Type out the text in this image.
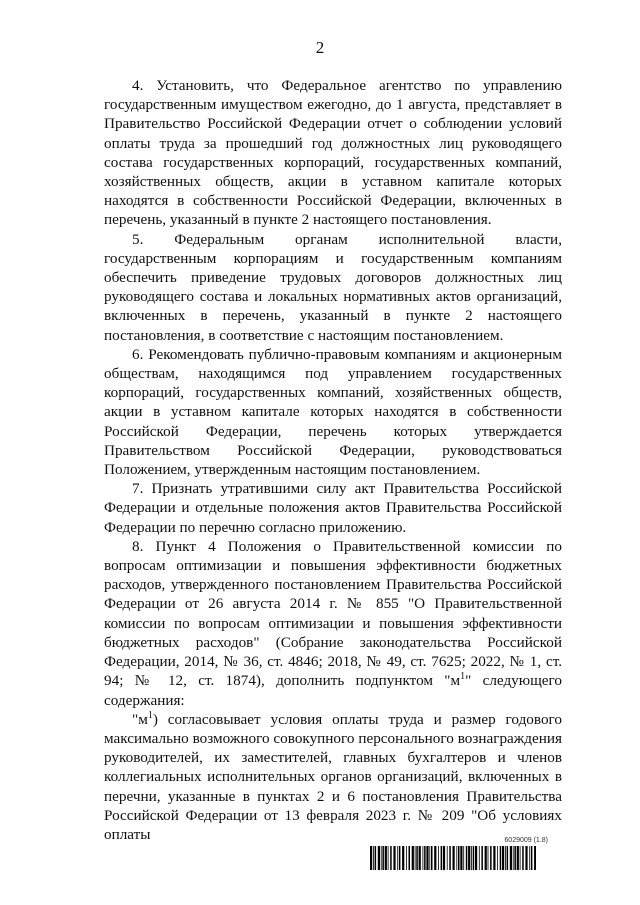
2

4. Установить, что Федеральное агентство по управлению государственным имуществом ежегодно, до 1 августа, представляет в Правительство Российской Федерации отчет о соблюдении условий оплаты труда за прошедший год должностных лиц руководящего состава государственных корпораций, государственных компаний, хозяйственных обществ, акции в уставном капитале которых находятся в собственности Российской Федерации, включенных в перечень, указанный в пункте 2 настоящего постановления.

5. Федеральным органам исполнительной власти, государственным корпорациям и государственным компаниям обеспечить приведение трудовых договоров должностных лиц руководящего состава и локальных нормативных актов организаций, включенных в перечень, указанный в пункте 2 настоящего постановления, в соответствие с настоящим постановлением.

6. Рекомендовать публично-правовым компаниям и акционерным обществам, находящимся под управлением государственных корпораций, государственных компаний, хозяйственных обществ, акции в уставном капитале которых находятся в собственности Российской Федерации, перечень которых утверждается Правительством Российской Федерации, руководствоваться Положением, утвержденным настоящим постановлением.

7. Признать утратившими силу акт Правительства Российской Федерации и отдельные положения актов Правительства Российской Федерации по перечню согласно приложению.

8. Пункт 4 Положения о Правительственной комиссии по вопросам оптимизации и повышения эффективности бюджетных расходов, утвержденного постановлением Правительства Российской Федерации от 26 августа 2014 г. № 855 "О Правительственной комиссии по вопросам оптимизации и повышения эффективности бюджетных расходов" (Собрание законодательства Российской Федерации, 2014, № 36, ст. 4846; 2018, № 49, ст. 7625; 2022, № 1, ст. 94; № 12, ст. 1874), дополнить подпунктом "$м^1$" следующего содержания:

"$м^1$) согласовывает условия оплаты труда и размер годового максимально возможного совокупного персонального вознаграждения руководителей, их заместителей, главных бухгалтеров и членов коллегиальных исполнительных органов организаций, включенных в перечни, указанные в пунктах 2 и 6 постановления Правительства Российской Федерации от 13 февраля 2023 г. № 209 "Об условиях оплаты	6029009 (1.8)
